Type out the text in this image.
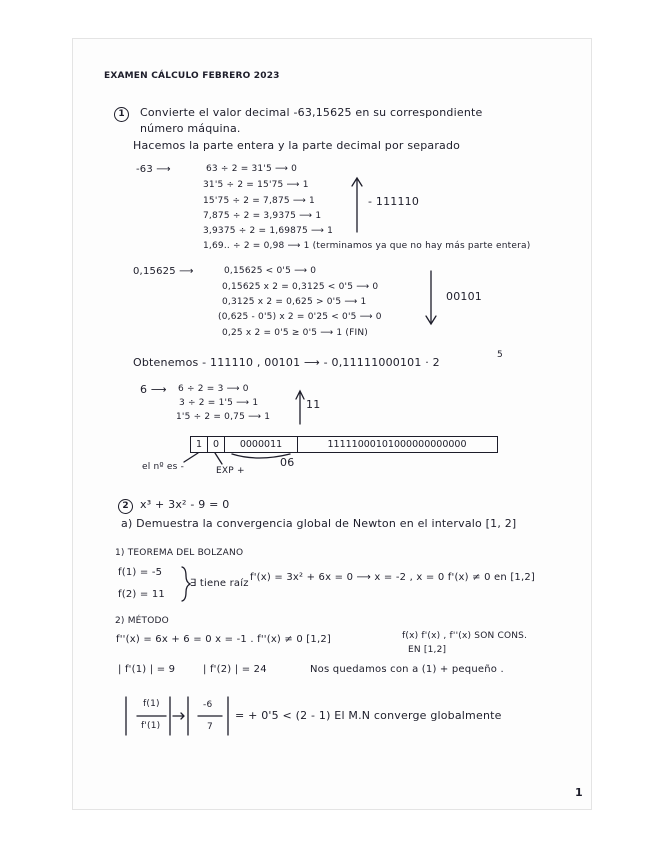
EXAMEN CÁLCULO FEBRERO 2023
1	Convierte el valor decimal -63,15625 en su correspondiente
número máquina.
Hacemos la parte entera y la parte decimal por separado
-63 ⟶	63 ÷ 2 = 31'5 ⟶ 0
31'5 ÷ 2 = 15'75 ⟶ 1
15'75 ÷ 2 = 7,875 ⟶ 1
7,875 ÷ 2 = 3,9375 ⟶ 1
3,9375 ÷ 2 = 1,69875 ⟶ 1
1,69.. ÷ 2 = 0,98 ⟶ 1 (terminamos ya que no hay más parte entera)
- 111110
0,15625 ⟶	0,15625 < 0'5 ⟶ 0
0,15625 x 2 = 0,3125 < 0'5 ⟶ 0
0,3125 x 2 = 0,625 > 0'5 ⟶ 1
(0,625 - 0'5) x 2 = 0'25 < 0'5 ⟶ 0
0,25 x 2 = 0'5 ≥ 0'5 ⟶ 1 (FIN)
00101
Obtenemos - 111110 , 00101 ⟶ - 0,11111000101 · 2
5
6 ⟶ 6 ÷ 2 = 3 ⟶ 0
3 ÷ 2 = 1'5 ⟶ 1
1'5 ÷ 2 = 0,75 ⟶ 1
11
1	0	0000011	11111000101000000000000
el nº es -	EXP +
06
2	x³ + 3x² - 9 = 0
a) Demuestra la convergencia global de Newton en el intervalo [1, 2]
1) TEOREMA DEL BOLZANO
f(1) = -5
f(2) = 11
∃ tiene raíz
f'(x) = 3x² + 6x = 0 ⟶ x = -2 , x = 0 f'(x) ≠ 0 en [1,2]
2) MÉTODO
f''(x) = 6x + 6 = 0 x = -1 . f''(x) ≠ 0 [1,2]	f(x) f'(x) , f''(x) SON CONS.
EN [1,2]
| f'(1) | = 9	| f'(2) | = 24	Nos quedamos con a (1) + pequeño .
f(1)
f'(1)
-6
7
= + 0'5 < (2 - 1) El M.N converge globalmente
1
